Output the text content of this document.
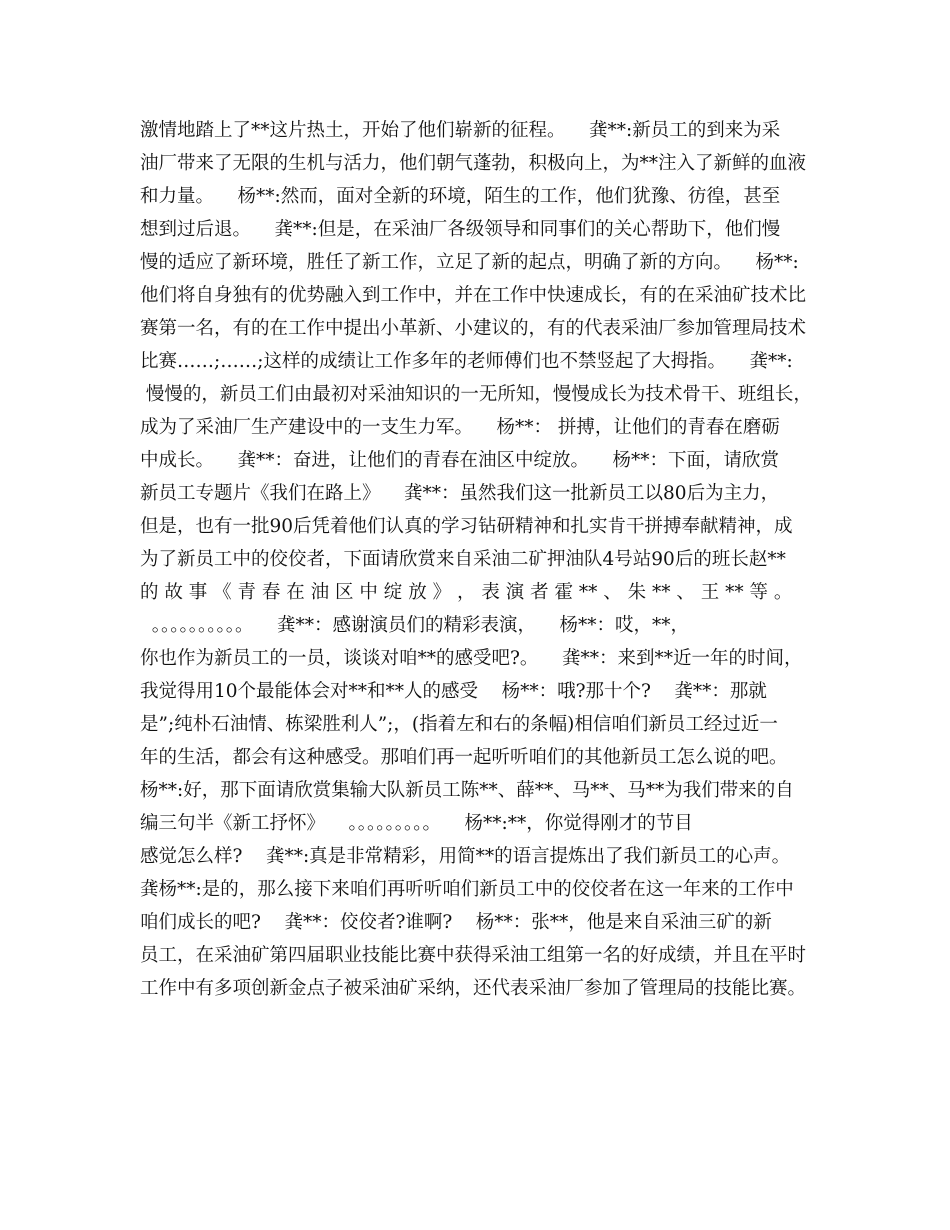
激情地踏上了**这片热土，开始了他们崭新的征程。    龚**:新员工的到来为采
油厂带来了无限的生机与活力，他们朝气蓬勃，积极向上，为**注入了新鲜的血液
和力量。    杨**:然而，面对全新的环境，陌生的工作，他们犹豫、彷徨，甚至
想到过后退。    龚**:但是，在采油厂各级领导和同事们的关心帮助下，他们慢
慢的适应了新环境，胜任了新工作，立足了新的起点，明确了新的方向。    杨**:
他们将自身独有的优势融入到工作中，并在工作中快速成长，有的在采油矿技术比
赛第一名，有的在工作中提出小革新、小建议的，有的代表采油厂参加管理局技术
比赛……;……;这样的成绩让工作多年的老师傅们也不禁竖起了大拇指。    龚**:
慢慢的，新员工们由最初对采油知识的一无所知，慢慢成长为技术骨干、班组长，
成为了采油厂生产建设中的一支生力军。    杨**： 拼搏，让他们的青春在磨砺
中成长。    龚**：奋进，让他们的青春在油区中绽放。    杨**：下面，请欣赏
新员工专题片《我们在路上》    龚**：虽然我们这一批新员工以80后为主力，
但是，也有一批90后凭着他们认真的学习钻研精神和扎实肯干拼搏奉献精神，成
为了新员工中的佼佼者，下面请欣赏来自采油二矿押油队4号站90后的班长赵**
的 故 事 《 青 春 在 油 区 中 绽 放 》 ， 表 演 者 霍 ** 、 朱 ** 、 王 ** 等 。
。。。。。。。。。。    龚**：感谢演员们的精彩表演，    杨**：哎，**，
你也作为新员工的一员，谈谈对咱**的感受吧?。    龚**：来到**近一年的时间，
我觉得用10个最能体会对**和**人的感受    杨**：哦?那十个?    龚**：那就
是”;纯朴石油情、栋梁胜利人”;，(指着左和右的条幅)相信咱们新员工经过近一
年的生活，都会有这种感受。那咱们再一起听听咱们的其他新员工怎么说的吧。
杨**:好，那下面请欣赏集输大队新员工陈**、薛**、马**、马**为我们带来的自
编三句半《新工抒怀》    。。。。。。。。。    杨**:**，你觉得刚才的节目
感觉怎么样?    龚**:真是非常精彩，用简**的语言提炼出了我们新员工的心声。
龚杨**:是的，那么接下来咱们再听听咱们新员工中的佼佼者在这一年来的工作中
咱们成长的吧?    龚**：佼佼者?谁啊?    杨**：张**，他是来自采油三矿的新
员工，在采油矿第四届职业技能比赛中获得采油工组第一名的好成绩，并且在平时
工作中有多项创新金点子被采油矿采纳，还代表采油厂参加了管理局的技能比赛。
